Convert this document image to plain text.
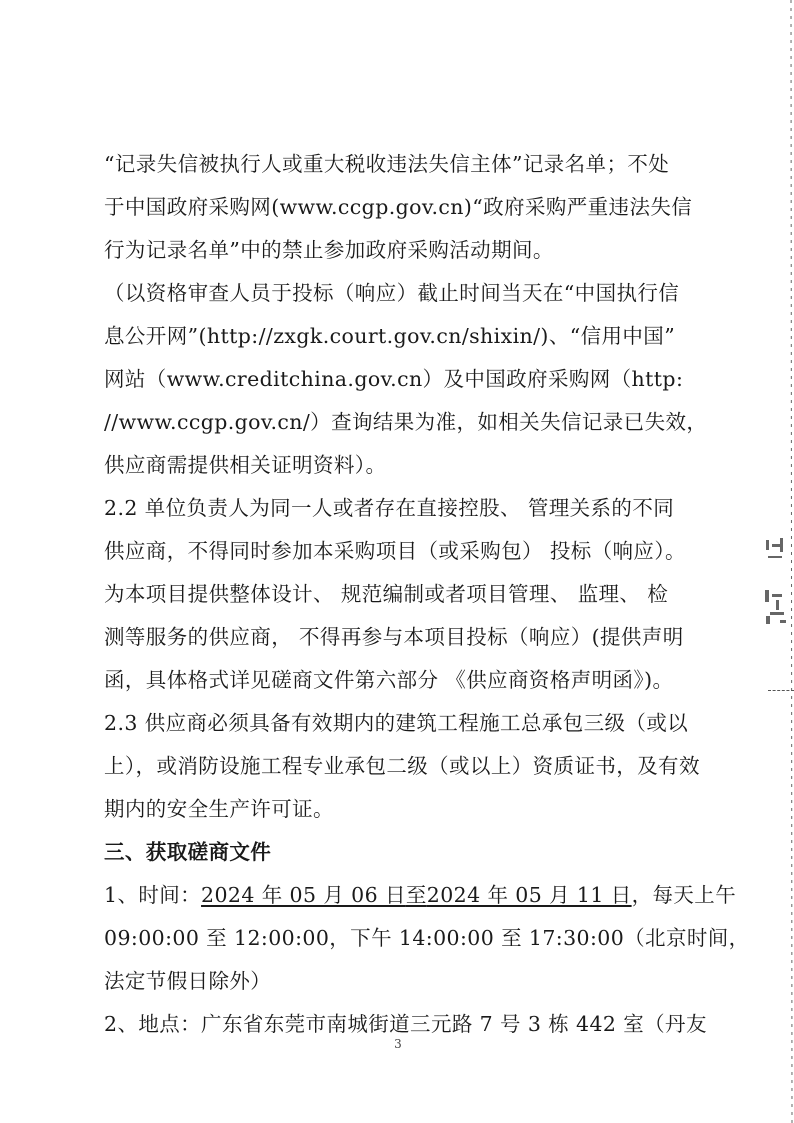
“记录失信被执行人或重大税收违法失信主体”记录名单；不处
于中国政府采购网(www.ccgp.gov.cn)“政府采购严重违法失信
行为记录名单”中的禁止参加政府采购活动期间。
（以资格审查人员于投标（响应）截止时间当天在“中国执行信
息公开网”(http://zxgk.court.gov.cn/shixin/)、“信用中国”
网站（www.creditchina.gov.cn）及中国政府采购网（http:
//www.ccgp.gov.cn/）查询结果为准，如相关失信记录已失效，
供应商需提供相关证明资料）。
2.2 单位负责人为同一人或者存在直接控股、 管理关系的不同
供应商，不得同时参加本采购项目（或采购包） 投标（响应）。
为本项目提供整体设计、 规范编制或者项目管理、 监理、 检
测等服务的供应商， 不得再参与本项目投标（响应）(提供声明
函，具体格式详见磋商文件第六部分 《供应商资格声明函》)。
2.3 供应商必须具备有效期内的建筑工程施工总承包三级（或以
上），或消防设施工程专业承包二级（或以上）资质证书，及有效
期内的安全生产许可证。
三、获取磋商文件
1、时间：2024 年 05 月 06 日至2024 年 05 月 11 日，每天上午
09:00:00 至 12:00:00，下午 14:00:00 至 17:30:00（北京时间，
法定节假日除外）
2、地点：广东省东莞市南城街道三元路 7 号 3 栋 442 室（丹友
3
